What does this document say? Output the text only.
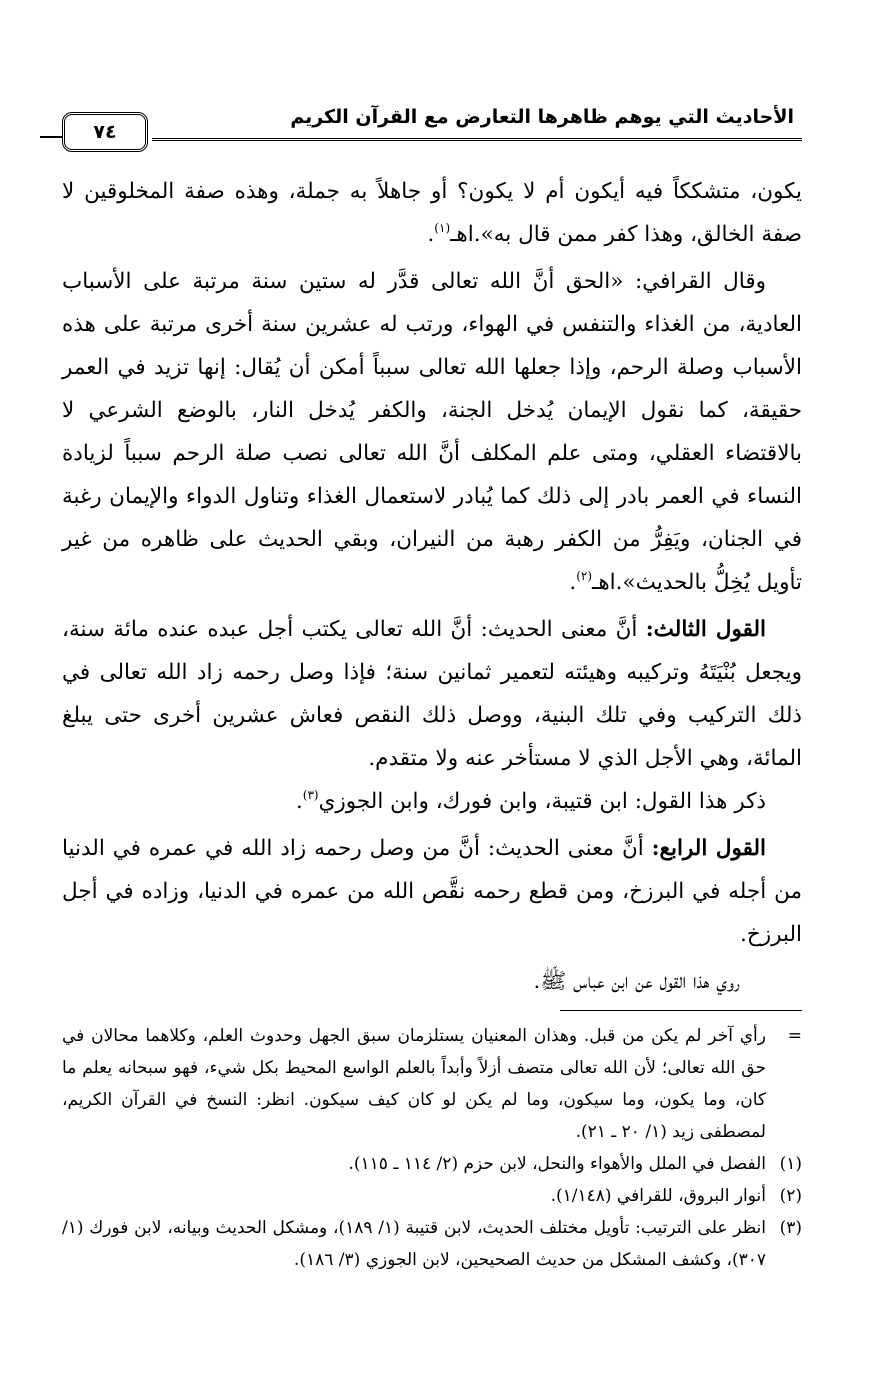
الأحاديث التي يوهم ظاهرها التعارض مع القرآن الكريم
٧٤

يكون، متشككاً فيه أيكون أم لا يكون؟ أو جاهلاً به جملة، وهذه صفة المخلوقين لا صفة الخالق، وهذا كفر ممن قال به».اهـ$^{(١)}$.

وقال القرافي: «الحق أنَّ الله تعالى قدَّر له ستين سنة مرتبة على الأسباب العادية، من الغذاء والتنفس في الهواء، ورتب له عشرين سنة أخرى مرتبة على هذه الأسباب وصلة الرحم، وإذا جعلها الله تعالى سبباً أمكن أن يُقال: إنها تزيد في العمر حقيقة، كما نقول الإيمان يُدخل الجنة، والكفر يُدخل النار، بالوضع الشرعي لا بالاقتضاء العقلي، ومتى علم المكلف أنَّ الله تعالى نصب صلة الرحم سبباً لزيادة النساء في العمر بادر إلى ذلك كما يُبادر لاستعمال الغذاء وتناول الدواء والإيمان رغبة في الجنان، ويَفِرُّ من الكفر رهبة من النيران، وبقي الحديث على ظاهره من غير تأويل يُخِلُّ بالحديث».اهـ$^{(٢)}$.

القول الثالث: أنَّ معنى الحديث: أنَّ الله تعالى يكتب أجل عبده عنده مائة سنة، ويجعل بُنْيَتَهُ وتركيبه وهيئته لتعمير ثمانين سنة؛ فإذا وصل رحمه زاد الله تعالى في ذلك التركيب وفي تلك البنية، ووصل ذلك النقص فعاش عشرين أخرى حتى يبلغ المائة، وهي الأجل الذي لا مستأخر عنه ولا متقدم.

ذكر هذا القول: ابن قتيبة، وابن فورك، وابن الجوزي$^{(٣)}$.

القول الرابع: أنَّ معنى الحديث: أنَّ من وصل رحمه زاد الله في عمره في الدنيا من أجله في البرزخ، ومن قطع رحمه نقَّص الله من عمره في الدنيا، وزاده في أجل البرزخ.

روي هذا القول عن ابن عباس ﷺ.

=
رأي آخر لم يكن من قبل. وهذان المعنيان يستلزمان سبق الجهل وحدوث العلم، وكلاهما محالان في حق الله تعالى؛ لأن الله تعالى متصف أزلاً وأبداً بالعلم الواسع المحيط بكل شيء، فهو سبحانه يعلم ما كان، وما يكون، وما سيكون، وما لم يكن لو كان كيف سيكون. انظر: النسخ في القرآن الكريم، لمصطفى زيد (١/ ٢٠ ـ ٢١).
(١)
الفصل في الملل والأهواء والنحل، لابن حزم (٢/ ١١٤ ـ ١١٥).
(٢)
أنوار البروق، للقرافي (١/١٤٨).
(٣)
انظر على الترتيب: تأويل مختلف الحديث، لابن قتيبة (١/ ١٨٩)، ومشكل الحديث وبيانه، لابن فورك (١/ ٣٠٧)، وكشف المشكل من حديث الصحيحين، لابن الجوزي (٣/ ١٨٦).
